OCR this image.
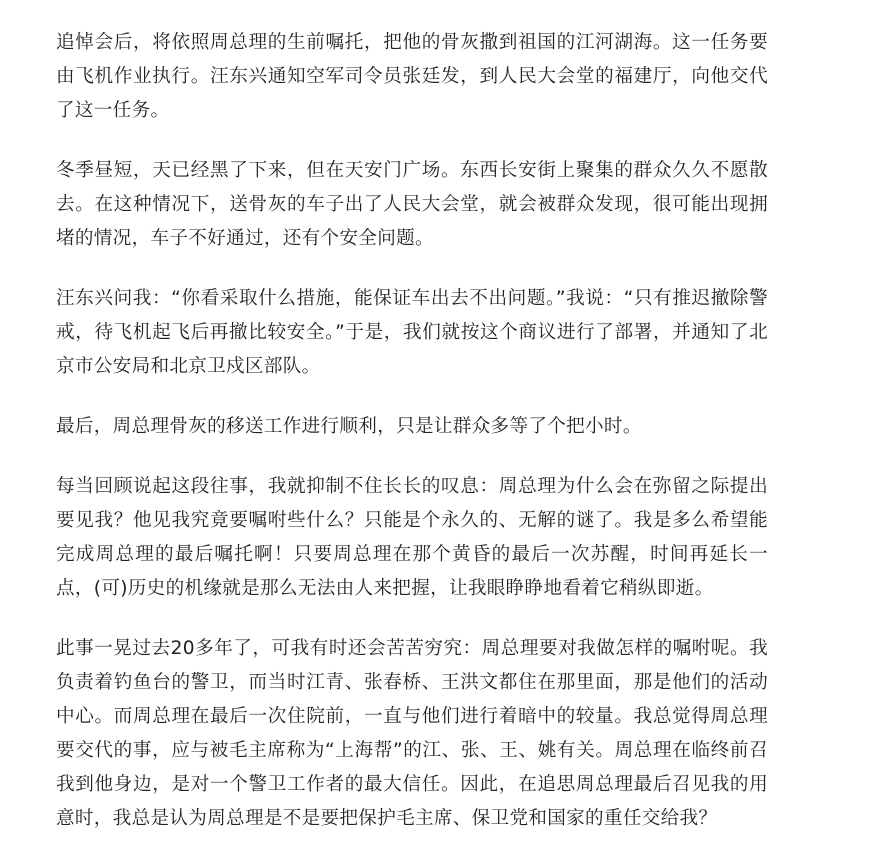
追悼会后，将依照周总理的生前嘱托，把他的骨灰撒到祖国的江河湖海。这一任务要由飞机作业执行。汪东兴通知空军司令员张廷发，到人民大会堂的福建厅，向他交代了这一任务。

冬季昼短，天已经黑了下来，但在天安门广场。东西长安街上聚集的群众久久不愿散去。在这种情况下，送骨灰的车子出了人民大会堂，就会被群众发现，很可能出现拥堵的情况，车子不好通过，还有个安全问题。

汪东兴问我：“你看采取什么措施，能保证车出去不出问题。”我说：“只有推迟撤除警戒，待飞机起飞后再撤比较安全。”于是，我们就按这个商议进行了部署，并通知了北京市公安局和北京卫戍区部队。

最后，周总理骨灰的移送工作进行顺利，只是让群众多等了个把小时。

每当回顾说起这段往事，我就抑制不住长长的叹息：周总理为什么会在弥留之际提出要见我？他见我究竟要嘱咐些什么？只能是个永久的、无解的谜了。我是多么希望能完成周总理的最后嘱托啊！只要周总理在那个黄昏的最后一次苏醒，时间再延长一点，(可)历史的机缘就是那么无法由人来把握，让我眼睁睁地看着它稍纵即逝。

此事一晃过去20多年了，可我有时还会苦苦穷究：周总理要对我做怎样的嘱咐呢。我负责着钓鱼台的警卫，而当时江青、张春桥、王洪文都住在那里面，那是他们的活动中心。而周总理在最后一次住院前，一直与他们进行着暗中的较量。我总觉得周总理要交代的事，应与被毛主席称为“上海帮”的江、张、王、姚有关。周总理在临终前召我到他身边，是对一个警卫工作者的最大信任。因此，在追思周总理最后召见我的用意时，我总是认为周总理是不是要把保护毛主席、保卫党和国家的重任交给我？
